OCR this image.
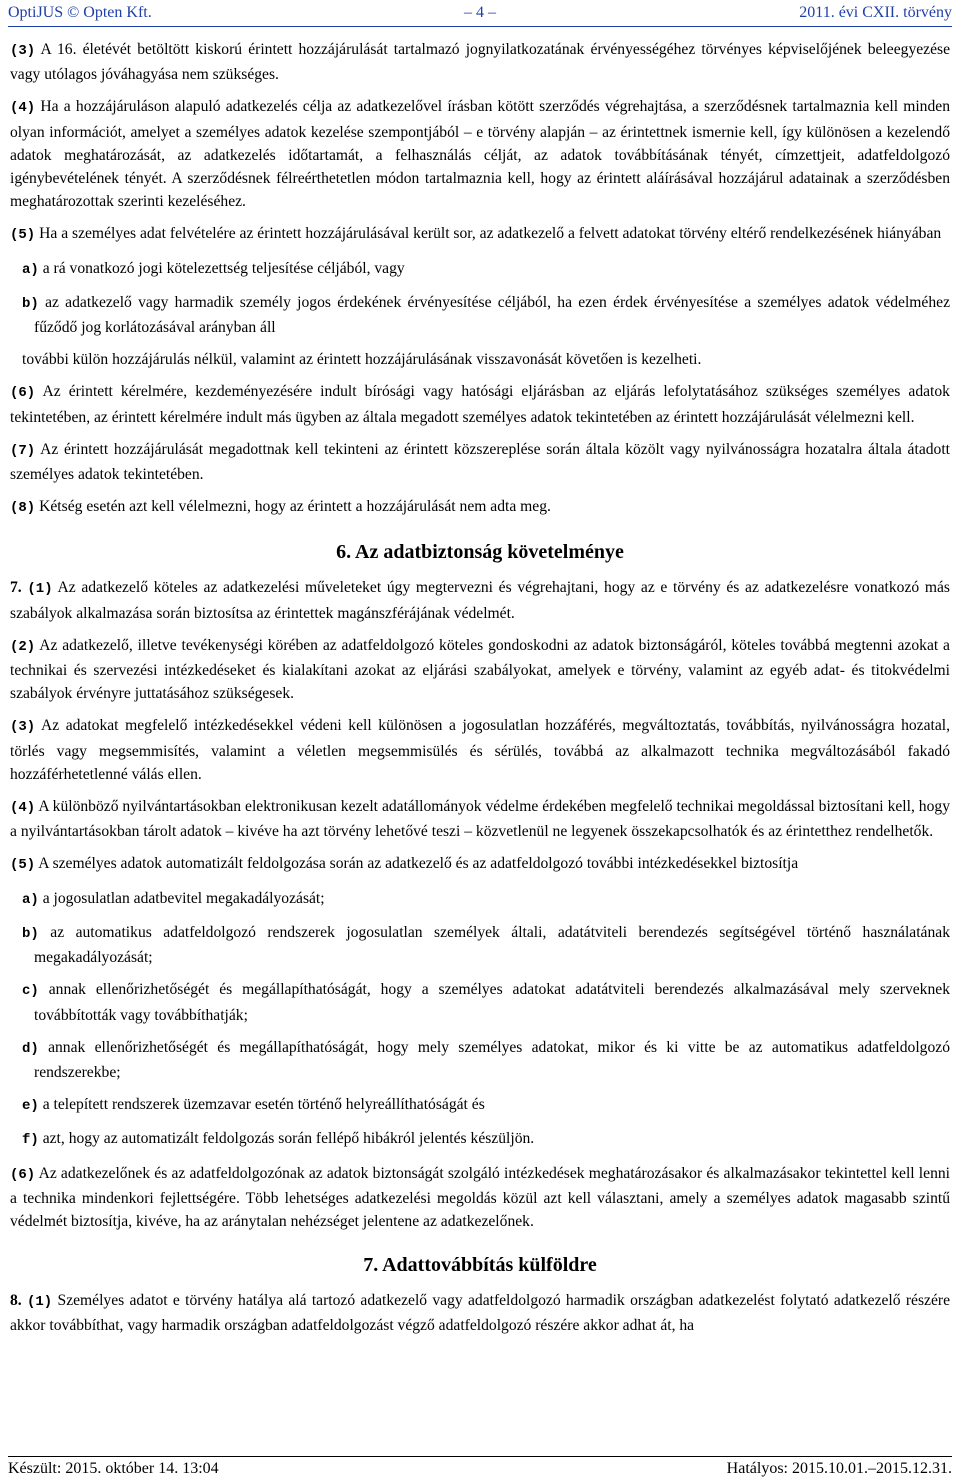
OptiJUS © Opten Kft.	– 4 –	2011. évi CXII. törvény

(3) A 16. életévét betöltött kiskorú érintett hozzájárulását tartalmazó jognyilatkozatának érvényességéhez törvényes képviselőjének beleegyezése vagy utólagos jóváhagyása nem szükséges.

(4) Ha a hozzájáruláson alapuló adatkezelés célja az adatkezelővel írásban kötött szerződés végrehajtása, a szerződésnek tartalmaznia kell minden olyan információt, amelyet a személyes adatok kezelése szempontjából – e törvény alapján – az érintettnek ismernie kell, így különösen a kezelendő adatok meghatározását, az adatkezelés időtartamát, a felhasználás célját, az adatok továbbításának tényét, címzettjeit, adatfeldolgozó igénybevételének tényét. A szerződésnek félreérthetetlen módon tartalmaznia kell, hogy az érintett aláírásával hozzájárul adatainak a szerződésben meghatározottak szerinti kezeléséhez.

(5) Ha a személyes adat felvételére az érintett hozzájárulásával került sor, az adatkezelő a felvett adatokat törvény eltérő rendelkezésének hiányában

a) a rá vonatkozó jogi kötelezettség teljesítése céljából, vagy

b) az adatkezelő vagy harmadik személy jogos érdekének érvényesítése céljából, ha ezen érdek érvényesítése a személyes adatok védelméhez fűződő jog korlátozásával arányban áll

további külön hozzájárulás nélkül, valamint az érintett hozzájárulásának visszavonását követően is kezelheti.

(6) Az érintett kérelmére, kezdeményezésére indult bírósági vagy hatósági eljárásban az eljárás lefolytatásához szükséges személyes adatok tekintetében, az érintett kérelmére indult más ügyben az általa megadott személyes adatok tekintetében az érintett hozzájárulását vélelmezni kell.

(7) Az érintett hozzájárulását megadottnak kell tekinteni az érintett közszereplése során általa közölt vagy nyilvánosságra hozatalra általa átadott személyes adatok tekintetében.

(8) Kétség esetén azt kell vélelmezni, hogy az érintett a hozzájárulását nem adta meg.

6. Az adatbiztonság követelménye

7. (1) Az adatkezelő köteles az adatkezelési műveleteket úgy megtervezni és végrehajtani, hogy az e törvény és az adatkezelésre vonatkozó más szabályok alkalmazása során biztosítsa az érintettek magánszférájának védelmét.

(2) Az adatkezelő, illetve tevékenységi körében az adatfeldolgozó köteles gondoskodni az adatok biztonságáról, köteles továbbá megtenni azokat a technikai és szervezési intézkedéseket és kialakítani azokat az eljárási szabályokat, amelyek e törvény, valamint az egyéb adat- és titokvédelmi szabályok érvényre juttatásához szükségesek.

(3) Az adatokat megfelelő intézkedésekkel védeni kell különösen a jogosulatlan hozzáférés, megváltoztatás, továbbítás, nyilvánosságra hozatal, törlés vagy megsemmisítés, valamint a véletlen megsemmisülés és sérülés, továbbá az alkalmazott technika megváltozásából fakadó hozzáférhetetlenné válás ellen.

(4) A különböző nyilvántartásokban elektronikusan kezelt adatállományok védelme érdekében megfelelő technikai megoldással biztosítani kell, hogy a nyilvántartásokban tárolt adatok – kivéve ha azt törvény lehetővé teszi – közvetlenül ne legyenek összekapcsolhatók és az érintetthez rendelhetők.

(5) A személyes adatok automatizált feldolgozása során az adatkezelő és az adatfeldolgozó további intézkedésekkel biztosítja

a) a jogosulatlan adatbevitel megakadályozását;

b) az automatikus adatfeldolgozó rendszerek jogosulatlan személyek általi, adatátviteli berendezés segítségével történő használatának megakadályozását;

c) annak ellenőrizhetőségét és megállapíthatóságát, hogy a személyes adatokat adatátviteli berendezés alkalmazásával mely szerveknek továbbították vagy továbbíthatják;

d) annak ellenőrizhetőségét és megállapíthatóságát, hogy mely személyes adatokat, mikor és ki vitte be az automatikus adatfeldolgozó rendszerekbe;

e) a telepített rendszerek üzemzavar esetén történő helyreállíthatóságát és

f) azt, hogy az automatizált feldolgozás során fellépő hibákról jelentés készüljön.

(6) Az adatkezelőnek és az adatfeldolgozónak az adatok biztonságát szolgáló intézkedések meghatározásakor és alkalmazásakor tekintettel kell lenni a technika mindenkori fejlettségére. Több lehetséges adatkezelési megoldás közül azt kell választani, amely a személyes adatok magasabb szintű védelmét biztosítja, kivéve, ha az aránytalan nehézséget jelentene az adatkezelőnek.

7. Adattovábbítás külföldre

8. (1) Személyes adatot e törvény hatálya alá tartozó adatkezelő vagy adatfeldolgozó harmadik országban adatkezelést folytató adatkezelő részére akkor továbbíthat, vagy harmadik országban adatfeldolgozást végző adatfeldolgozó részére akkor adhat át, ha

Készült: 2015. október 14. 13:04	Hatályos: 2015.10.01.–2015.12.31.
